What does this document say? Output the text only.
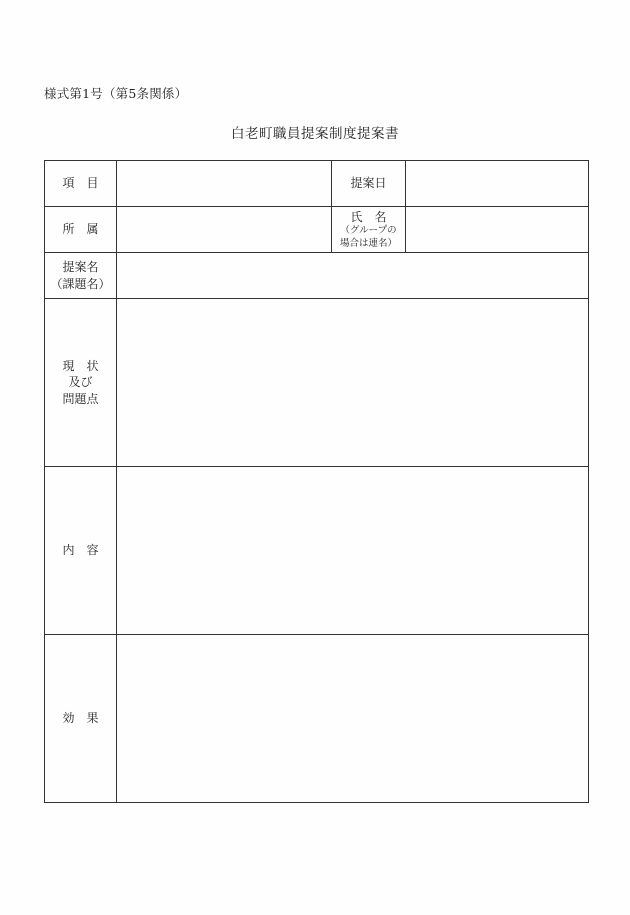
様式第1号（第5条関係）
白老町職員提案制度提案書
項　目		提案日	
所　属		氏　名
（グループの
場合は連名）	

提案名
（課題名）			

現　状
及び
問題点			

内　容			
効　果			
